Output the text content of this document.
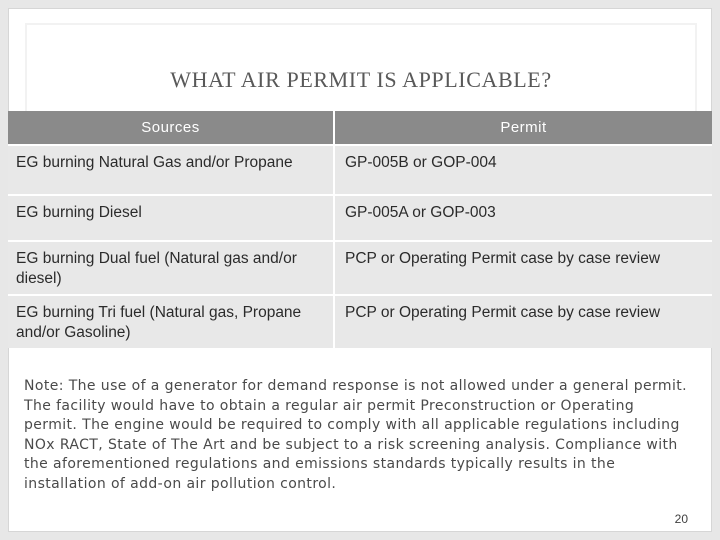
WHAT AIR PERMIT IS APPLICABLE?
Sources	Permit
EG burning Natural Gas and/or Propane	GP-005B or GOP-004
EG burning Diesel	GP-005A or GOP-003
EG burning Dual fuel (Natural gas and/or diesel)	PCP or Operating Permit case by case review
EG burning Tri fuel (Natural gas, Propane and/or Gasoline)	PCP or Operating Permit case by case review
Note: The use of a generator for demand response is not allowed under a general permit. The facility would have to obtain a regular air permit Preconstruction or Operating permit. The engine would be required to comply with all applicable regulations including NOx RACT, State of The Art and be subject to a risk screening analysis. Compliance with the aforementioned regulations and emissions standards typically results in the installation of add-on air pollution control.
20
